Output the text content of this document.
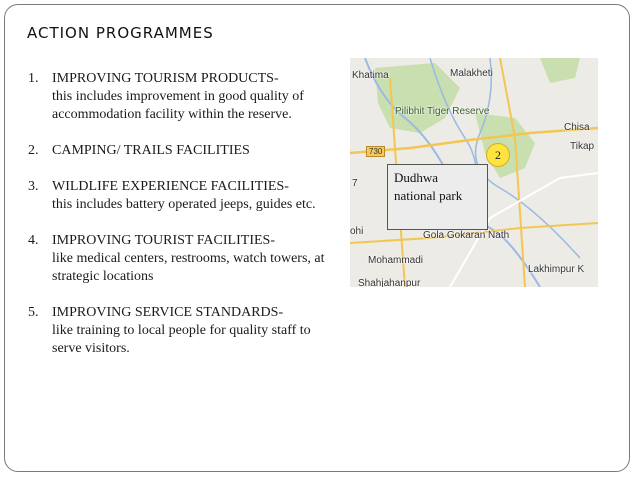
ACTION PROGRAMMES
1. IMPROVING TOURISM PRODUCTS-
this includes improvement in good quality of accommodation facility within the reserve.
2. CAMPING/ TRAILS FACILITIES
3. WILDLIFE EXPERIENCE FACILITIES-
this includes battery operated jeeps, guides etc.
4. IMPROVING TOURIST FACILITIES-
like medical centers, restrooms, watch towers, at strategic locations
5. IMPROVING SERVICE STANDARDS-
like training to local people for quality staff to serve visitors.
Khatima	Malakheti
Pilibhit Tiger Reserve
Chisa
Tikap
730
7
ohi	Gola Gokaran Nath
Mohammadi
Lakhimpur K
Shahjahanpur
Dudhwa national park
2
